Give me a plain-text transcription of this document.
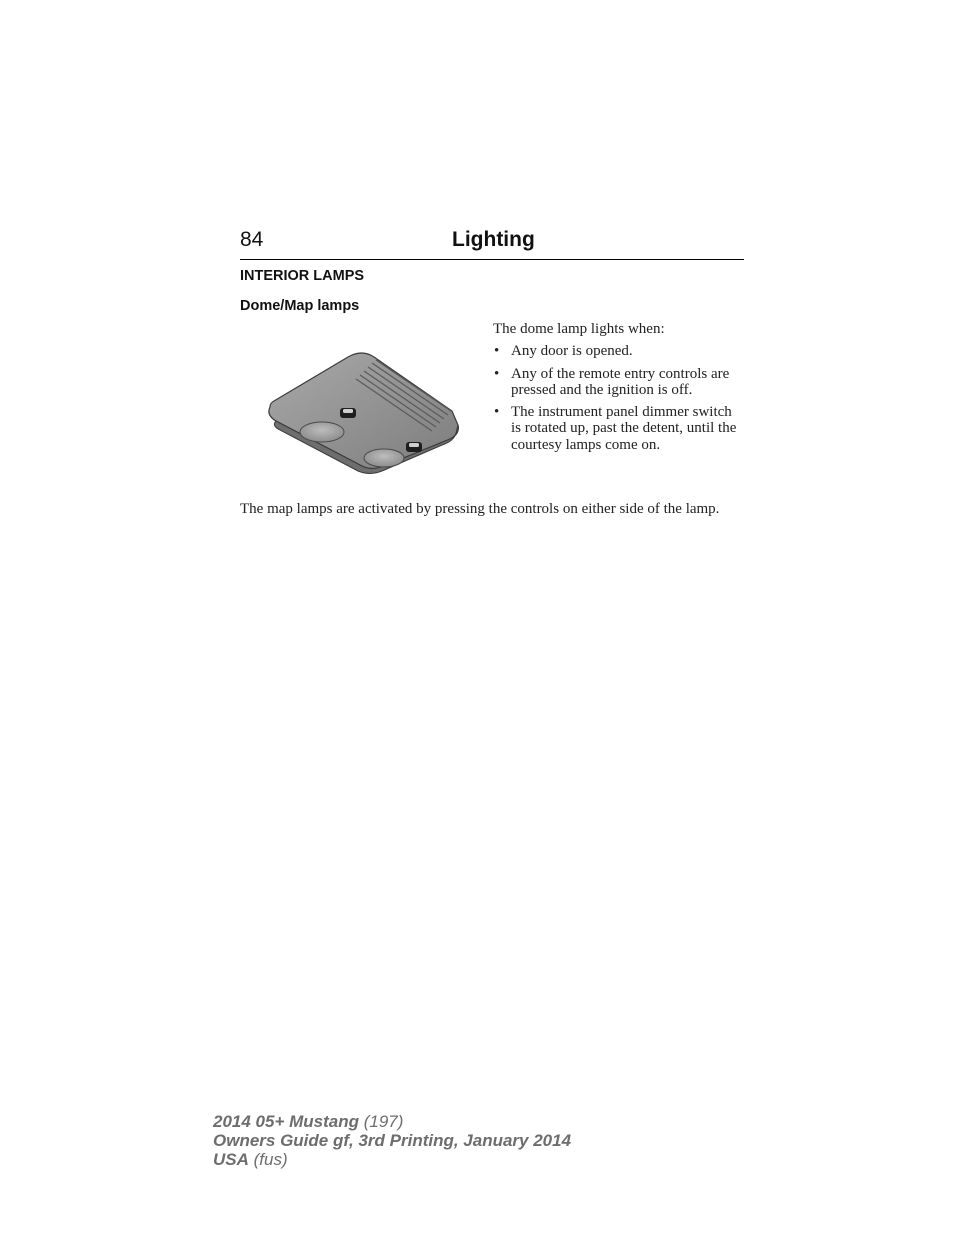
84	Lighting
INTERIOR LAMPS
Dome/Map lamps

The dome lamp lights when:

• Any door is opened.
• Any of the remote entry controls are pressed and the ignition is off.
• The instrument panel dimmer switch is rotated up, past the detent, until the courtesy lamps come on.

The map lamps are activated by pressing the controls on either side of the lamp.

2014 05+ Mustang (197)
Owners Guide gf, 3rd Printing, January 2014
USA (fus)
